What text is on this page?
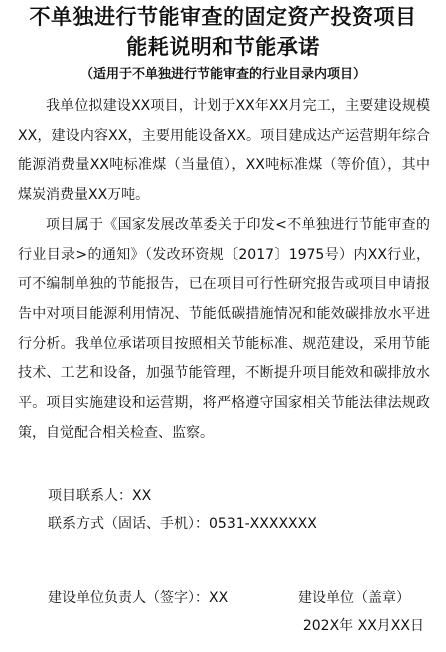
不单独进行节能审查的固定资产投资项目
能耗说明和节能承诺
（适用于不单独进行节能审查的行业目录内项目）

我单位拟建设XX项目，计划于XX年XX月完工，主要建设规模XX，建设内容XX，主要用能设备XX。项目建成达产运营期年综合能源消费量XX吨标准煤（当量值），XX吨标准煤（等价值），其中煤炭消费量XX万吨。

项目属于《国家发展改革委关于印发<不单独进行节能审查的行业目录>的通知》（发改环资规〔2017〕1975号）内XX行业，可不编制单独的节能报告，已在项目可行性研究报告或项目申请报告中对项目能源利用情况、节能低碳措施情况和能效碳排放水平进行分析。我单位承诺项目按照相关节能标准、规范建设，采用节能技术、工艺和设备，加强节能管理，不断提升项目能效和碳排放水平。项目实施建设和运营期，将严格遵守国家相关节能法律法规政策，自觉配合相关检查、监察。

项目联系人：XX
联系方式（固话、手机）：0531-XXXXXXX
建设单位负责人（签字）：XX	建设单位（盖章）
202X年 XX月XX日
